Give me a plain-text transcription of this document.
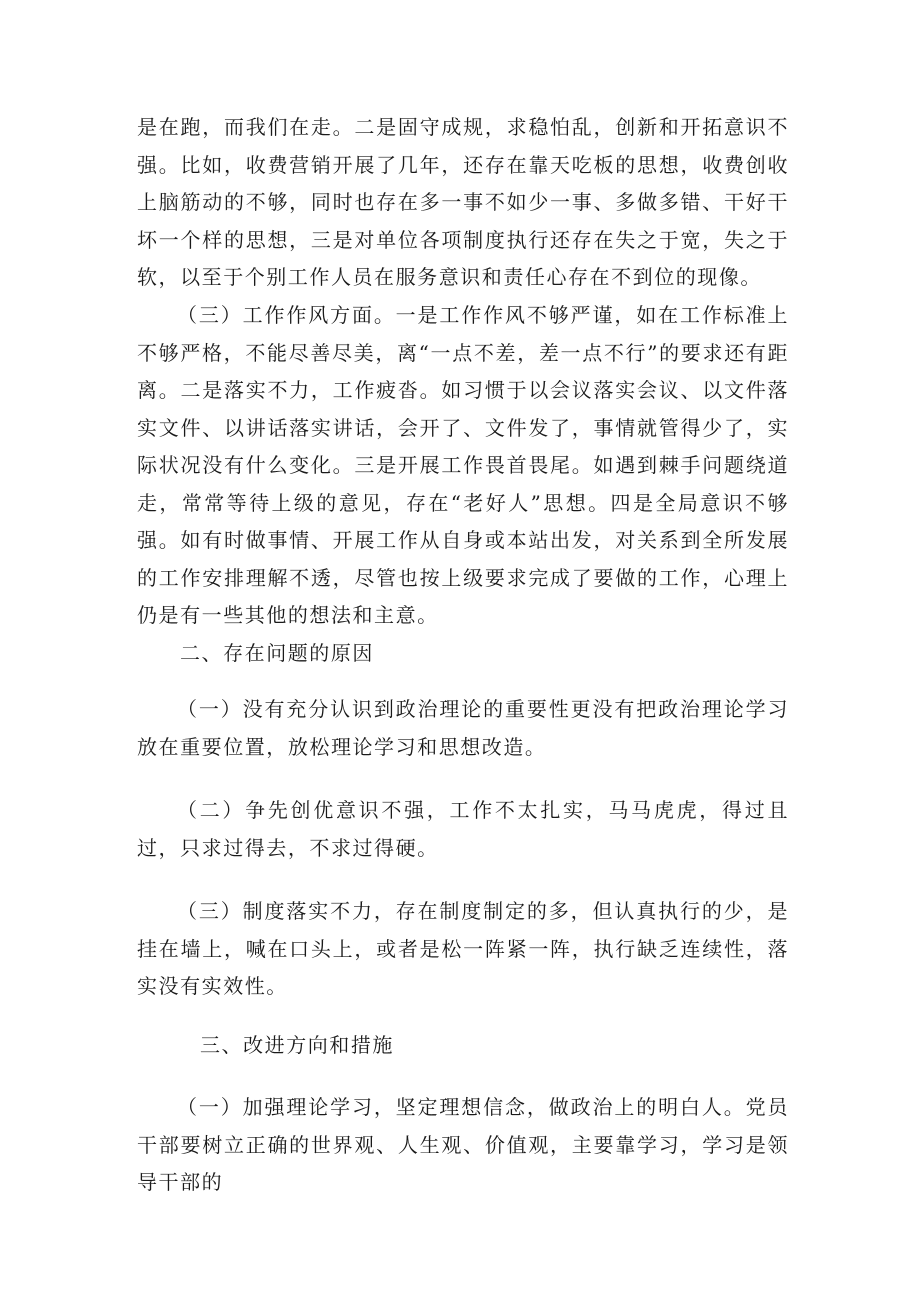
是在跑，而我们在走。二是固守成规，求稳怕乱，创新和开拓意识不强。比如，收费营销开展了几年，还存在靠天吃板的思想，收费创收上脑筋动的不够，同时也存在多一事不如少一事、多做多错、干好干坏一个样的思想，三是对单位各项制度执行还存在失之于宽，失之于软，以至于个别工作人员在服务意识和责任心存在不到位的现像。

（三）工作作风方面。一是工作作风不够严谨，如在工作标准上不够严格，不能尽善尽美，离“一点不差，差一点不行”的要求还有距离。二是落实不力，工作疲沓。如习惯于以会议落实会议、以文件落实文件、以讲话落实讲话，会开了、文件发了，事情就管得少了，实际状况没有什么变化。三是开展工作畏首畏尾。如遇到棘手问题绕道走，常常等待上级的意见，存在“老好人”思想。四是全局意识不够强。如有时做事情、开展工作从自身或本站出发，对关系到全所发展的工作安排理解不透，尽管也按上级要求完成了要做的工作，心理上仍是有一些其他的想法和主意。

二、存在问题的原因

（一）没有充分认识到政治理论的重要性更没有把政治理论学习放在重要位置，放松理论学习和思想改造。

（二）争先创优意识不强，工作不太扎实，马马虎虎，得过且过，只求过得去，不求过得硬。

（三）制度落实不力，存在制度制定的多，但认真执行的少，是挂在墙上，喊在口头上，或者是松一阵紧一阵，执行缺乏连续性，落实没有实效性。

三、改进方向和措施

（一）加强理论学习，坚定理想信念，做政治上的明白人。党员干部要树立正确的世界观、人生观、价值观，主要靠学习，学习是领导干部的
